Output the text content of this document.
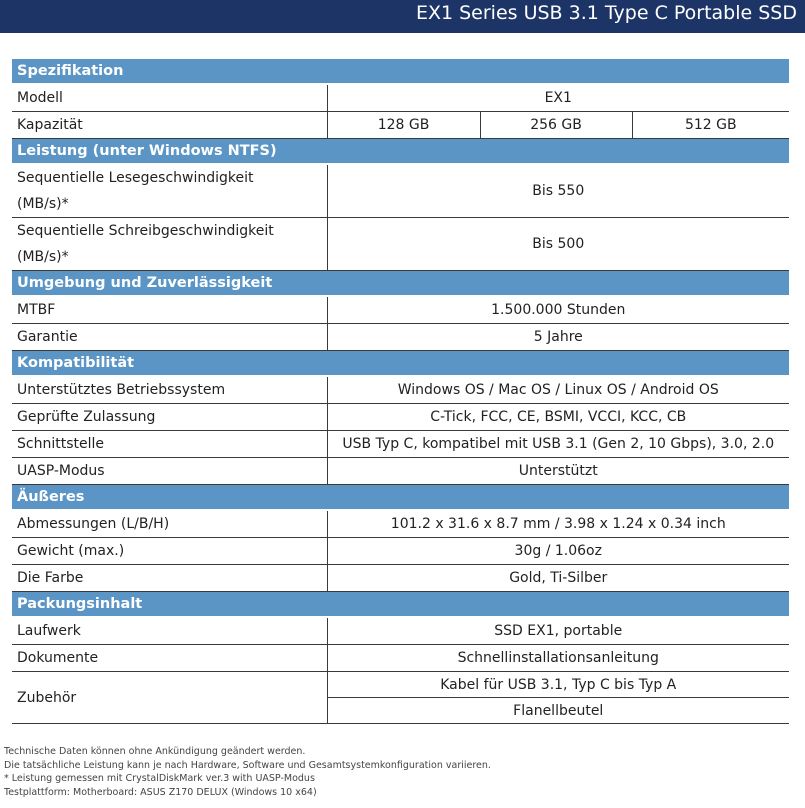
EX1 Series USB 3.1 Type C Portable SSD
Spezifikation			
Modell	EX1		
Kapazität	128 GB	256 GB	512 GB
Leistung (unter Windows NTFS)			
Sequentielle Lesegeschwindigkeit
(MB/s)*	Bis 550		
Sequentielle Schreibgeschwindigkeit
(MB/s)*	Bis 500		
Umgebung und Zuverlässigkeit			
MTBF	1.500.000 Stunden		
Garantie	5 Jahre		
Kompatibilität			
Unterstütztes Betriebssystem	Windows OS / Mac OS / Linux OS / Android OS		
Geprüfte Zulassung	C-Tick, FCC, CE, BSMI, VCCI, KCC, CB		
Schnittstelle	USB Typ C, kompatibel mit USB 3.1 (Gen 2, 10 Gbps), 3.0, 2.0		
UASP-Modus	Unterstützt		
Äußeres			
Abmessungen (L/B/H)	101.2 x 31.6 x 8.7 mm / 3.98 x 1.24 x 0.34 inch		
Gewicht (max.)	30g / 1.06oz		
Die Farbe	Gold, Ti-Silber		
Packungsinhalt			
Laufwerk	SSD EX1, portable		
Dokumente	Schnellinstallationsanleitung		
Zubehör	Kabel für USB 3.1, Typ C bis Typ A		
	Flanellbeutel		
Technische Daten können ohne Ankündigung geändert werden.
Die tatsächliche Leistung kann je nach Hardware, Software und Gesamtsystemkonfiguration variieren.
* Leistung gemessen mit CrystalDiskMark ver.3 with UASP-Modus
Testplattform: Motherboard: ASUS Z170 DELUX (Windows 10 x64)
